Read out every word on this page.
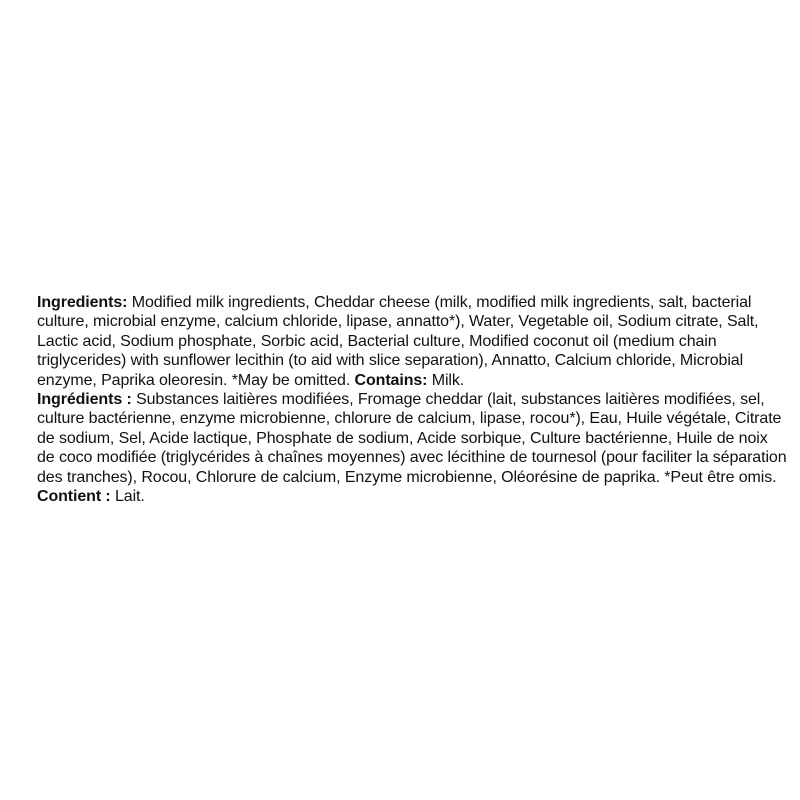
Ingredients: Modified milk ingredients, Cheddar cheese (milk, modified milk ingredients, salt, bacterial culture, microbial enzyme, calcium chloride, lipase, annatto*), Water, Vegetable oil, Sodium citrate, Salt, Lactic acid, Sodium phosphate, Sorbic acid, Bacterial culture, Modified coconut oil (medium chain triglycerides) with sunflower lecithin (to aid with slice separation), Annatto, Calcium chloride, Microbial enzyme, Paprika oleoresin. *May be omitted. Contains: Milk.

Ingrédients : Substances laitières modifiées, Fromage cheddar (lait, substances laitières modifiées, sel, culture bactérienne, enzyme microbienne, chlorure de calcium, lipase, rocou*), Eau, Huile végétale, Citrate de sodium, Sel, Acide lactique, Phosphate de sodium, Acide sorbique, Culture bactérienne, Huile de noix de coco modifiée (triglycérides à chaînes moyennes) avec lécithine de tournesol (pour faciliter la séparation des tranches), Rocou, Chlorure de calcium, Enzyme microbienne, Oléorésine de paprika. *Peut être omis. Contient : Lait.
